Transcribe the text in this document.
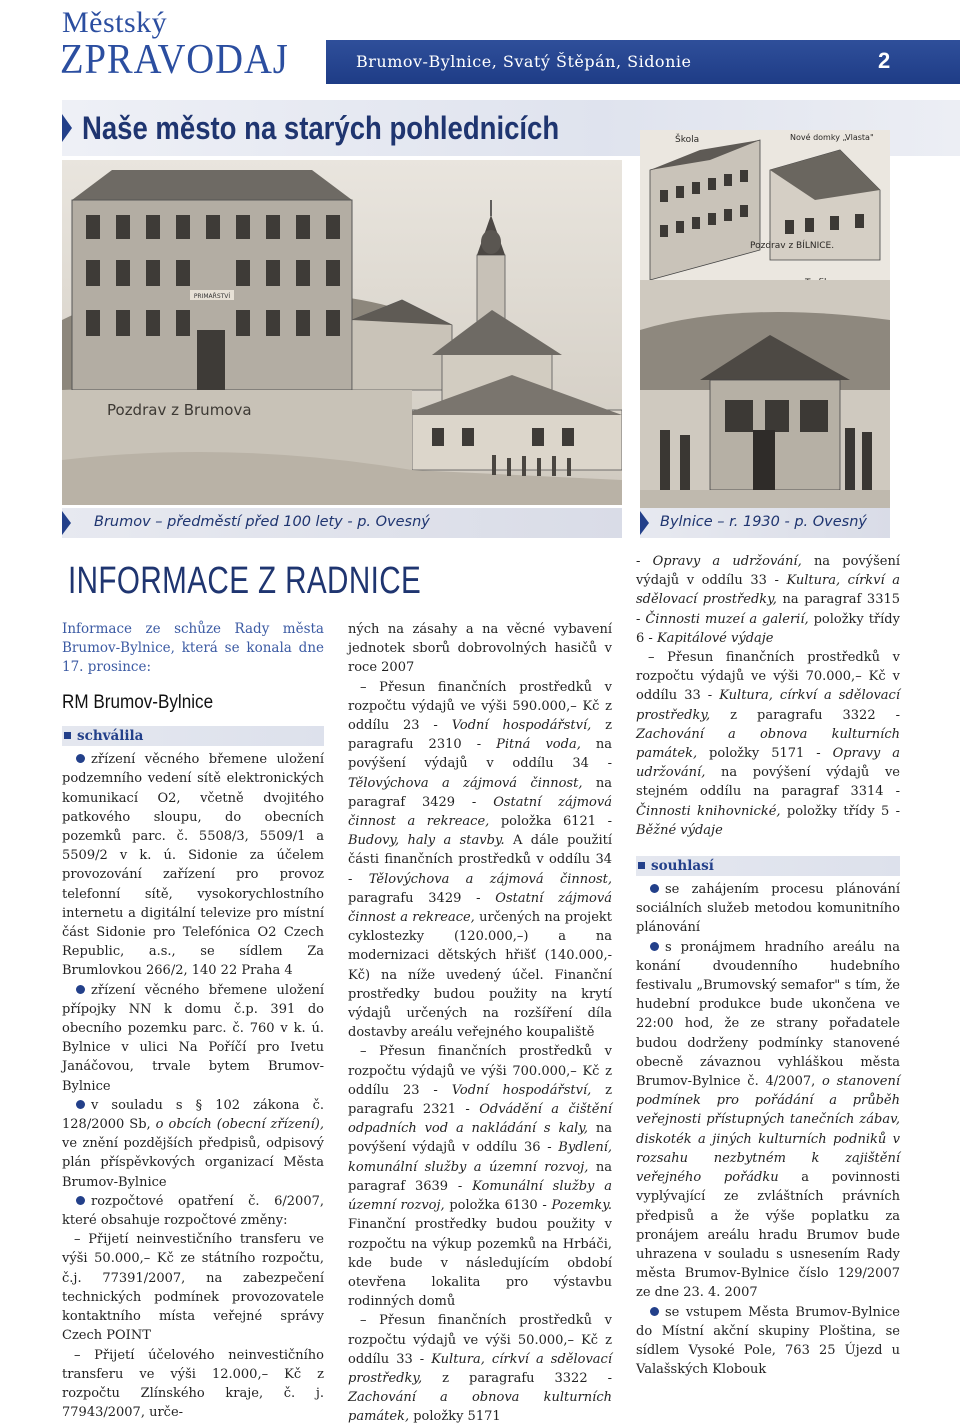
Městský
ZPRAVODAJ	Brumov-Bylnice, Svatý Štěpán, Sidonie	2
Naše město na starých pohlednicích
PRIMAŘSTVÍ
Pozdrav z Brumova
Škola	Nové domky „Vlasta"
Pozdrav z BÍLNICE.
Brumov – předměstí před 100 lety - p. Ovesný	Bylnice – r. 1930 - p. Ovesný
INFORMACE Z RADNICE

Informace ze schůze Rady města Brumov-Bylnice, která se konala dne 17. prosince:

RM Brumov-Bylnice

schválila

zřízení věcného břemene uložení podzemního vedení sítě elektronických komunikací O2, včetně dvojitého patkového sloupu, do obecních pozemků parc. č. 5508/3, 5509/1 a 5509/2 v k. ú. Sidonie za účelem provozování zařízení pro provoz telefonní sítě, vysokorychlostního internetu a digitální televize pro místní část Sidonie pro Telefónica O2 Czech Republic, a.s., se sídlem Za Brumlovkou 266/2, 140 22 Praha 4

zřízení věcného břemene uložení přípojky NN k domu č.p. 391 do obecního pozemku parc. č. 760 v k. ú. Bylnice v ulici Na Poříčí pro Ivetu Janáčovou, trvale bytem Brumov-Bylnice

v souladu s § 102 zákona č. 128/2000 Sb, o obcích (obecní zřízení), ve znění pozdějších předpisů, odpisový plán příspěvkových organizací Města Brumov-Bylnice

rozpočtové opatření č. 6/2007, které obsahuje rozpočtové změny:

– Přijetí neinvestičního transferu ve výši 50.000,– Kč ze státního rozpočtu, č.j. 77391/2007, na zabezpečení technických podmínek provozovatele kontaktního místa veřejné správy Czech POINT

– Přijetí účelového neinvestičního transferu ve výši 12.000,– Kč z rozpočtu Zlínského kraje, č. j. 77943/2007, urče-

ných na zásahy a na věcné vybavení jednotek sborů dobrovolných hasičů v roce 2007

– Přesun finančních prostředků v rozpočtu výdajů ve výši 590.000,– Kč z oddílu 23 - Vodní hospodářství, z paragrafu 2310 - Pitná voda, na povýšení výdajů v oddílu 34 - Tělovýchova a zájmová činnost, na paragraf 3429 - Ostatní zájmová činnost a rekreace, položka 6121 - Budovy, haly a stavby. A dále použití části finančních prostředků v oddílu 34 - Tělovýchova a zájmová činnost, paragrafu 3429 - Ostatní zájmová činnost a rekreace, určených na projekt cyklostezky (120.000,–) a na modernizaci dětských hřišť (140.000,- Kč) na níže uvedený účel. Finanční prostředky budou použity na krytí výdajů určených na rozšíření díla dostavby areálu veřejného koupaliště

– Přesun finančních prostředků v rozpočtu výdajů ve výši 700.000,– Kč z oddílu 23 - Vodní hospodářství, z paragrafu 2321 - Odvádění a čištění odpadních vod a nakládání s kaly, na povýšení výdajů v oddílu 36 - Bydlení, komunální služby a územní rozvoj, na paragraf 3639 - Komunální služby a územní rozvoj, položka 6130 - Pozemky. Finanční prostředky budou použity v rozpočtu na výkup pozemků na Hrbáči, kde bude v následujícím období otevřena lokalita pro výstavbu rodinných domů

– Přesun finančních prostředků v rozpočtu výdajů ve výši 50.000,– Kč z oddílu 33 - Kultura, církví a sdělovací prostředky, z paragrafu 3322 - Zachování a obnova kulturních památek, položky 5171

- Opravy a udržování, na povýšení výdajů v oddílu 33 - Kultura, církví a sdělovací prostředky, na paragraf 3315 - Činnosti muzeí a galerií, položky třídy 6 - Kapitálové výdaje

– Přesun finančních prostředků v rozpočtu výdajů ve výši 70.000,– Kč v oddílu 33 - Kultura, církví a sdělovací prostředky, z paragrafu 3322 - Zachování a obnova kulturních památek, položky 5171 - Opravy a udržování, na povýšení výdajů ve stejném oddílu na paragraf 3314 - Činnosti knihovnické, položky třídy 5 - Běžné výdaje

souhlasí

se zahájením procesu plánování sociálních služeb metodou komunitního plánování

s pronájmem hradního areálu na konání dvoudenního hudebního festivalu „Brumovský semafor" s tím, že hudební produkce bude ukončena ve 22:00 hod, že ze strany pořadatele budou dodrženy podmínky stanovené obecně závaznou vyhláškou města Brumov-Bylnice č. 4/2007, o stanovení podmínek pro pořádání a průběh veřejnosti přístupných tanečních zábav, diskoték a jiných kulturních podniků v rozsahu nezbytném k zajištění veřejného pořádku a povinnosti vyplývající ze zvláštních právních předpisů a že výše poplatku za pronájem areálu hradu Brumov bude uhrazena v souladu s usnesením Rady města Brumov-Bylnice číslo 129/2007 ze dne 23. 4. 2007

se vstupem Města Brumov-Bylnice do Místní akční skupiny Ploština, se sídlem Vysoké Pole, 763 25 Újezd u Valašských Klobouk
